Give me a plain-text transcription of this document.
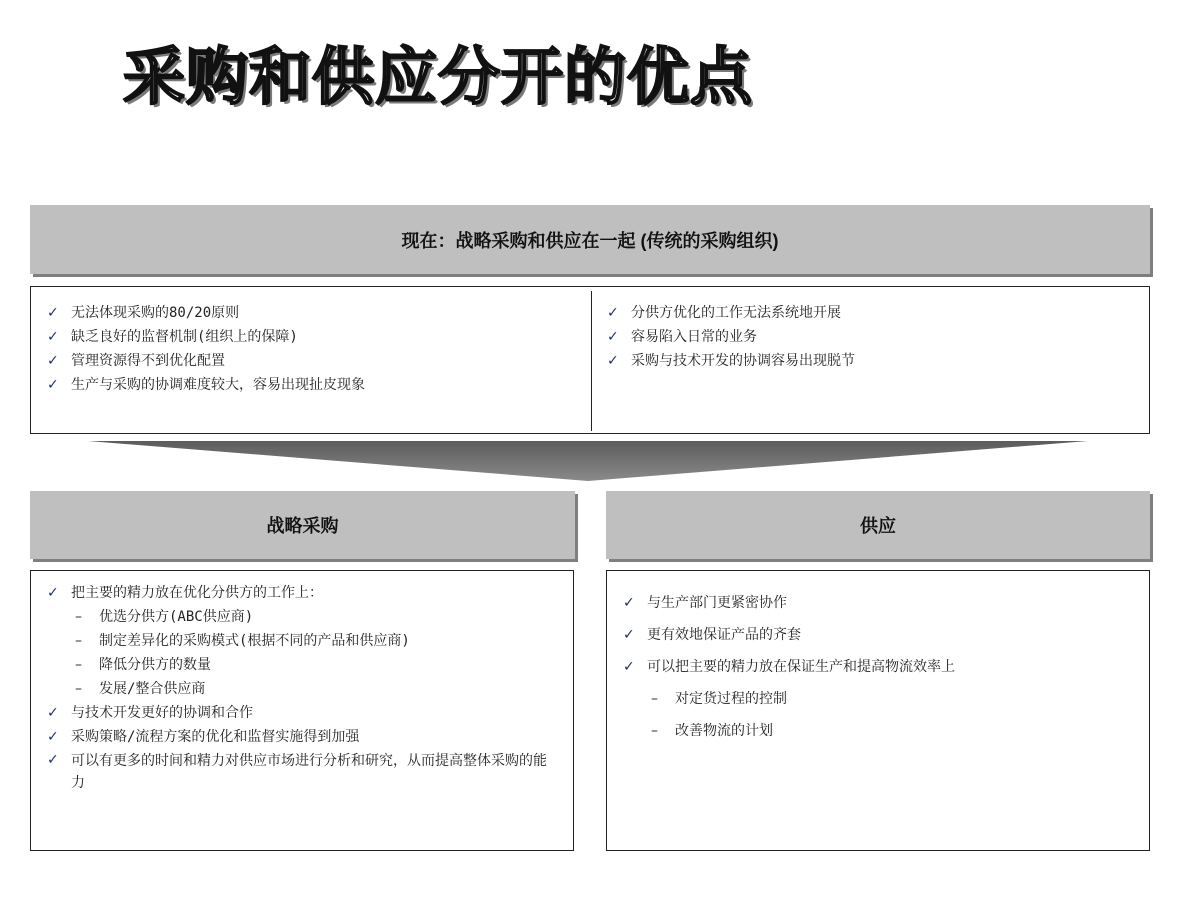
采购和供应分开的优点
现在：战略采购和供应在一起 (传统的采购组织)
✓ 无法体现采购的80/20原则
✓ 缺乏良好的监督机制(组织上的保障)
✓ 管理资源得不到优化配置
✓ 生产与采购的协调难度较大，容易出现扯皮现象
✓ 分供方优化的工作无法系统地开展
✓ 容易陷入日常的业务
✓ 采购与技术开发的协调容易出现脱节
战略采购	供应
✓ 把主要的精力放在优化分供方的工作上：
– 优选分供方(ABC供应商)
– 制定差异化的采购模式(根据不同的产品和供应商)
– 降低分供方的数量
– 发展/整合供应商
✓ 与技术开发更好的协调和合作
✓ 采购策略/流程方案的优化和监督实施得到加强
✓ 可以有更多的时间和精力对供应市场进行分析和研究，从而提高整体采购的能力
✓ 与生产部门更紧密协作
✓ 更有效地保证产品的齐套
✓ 可以把主要的精力放在保证生产和提高物流效率上
– 对定货过程的控制
– 改善物流的计划
